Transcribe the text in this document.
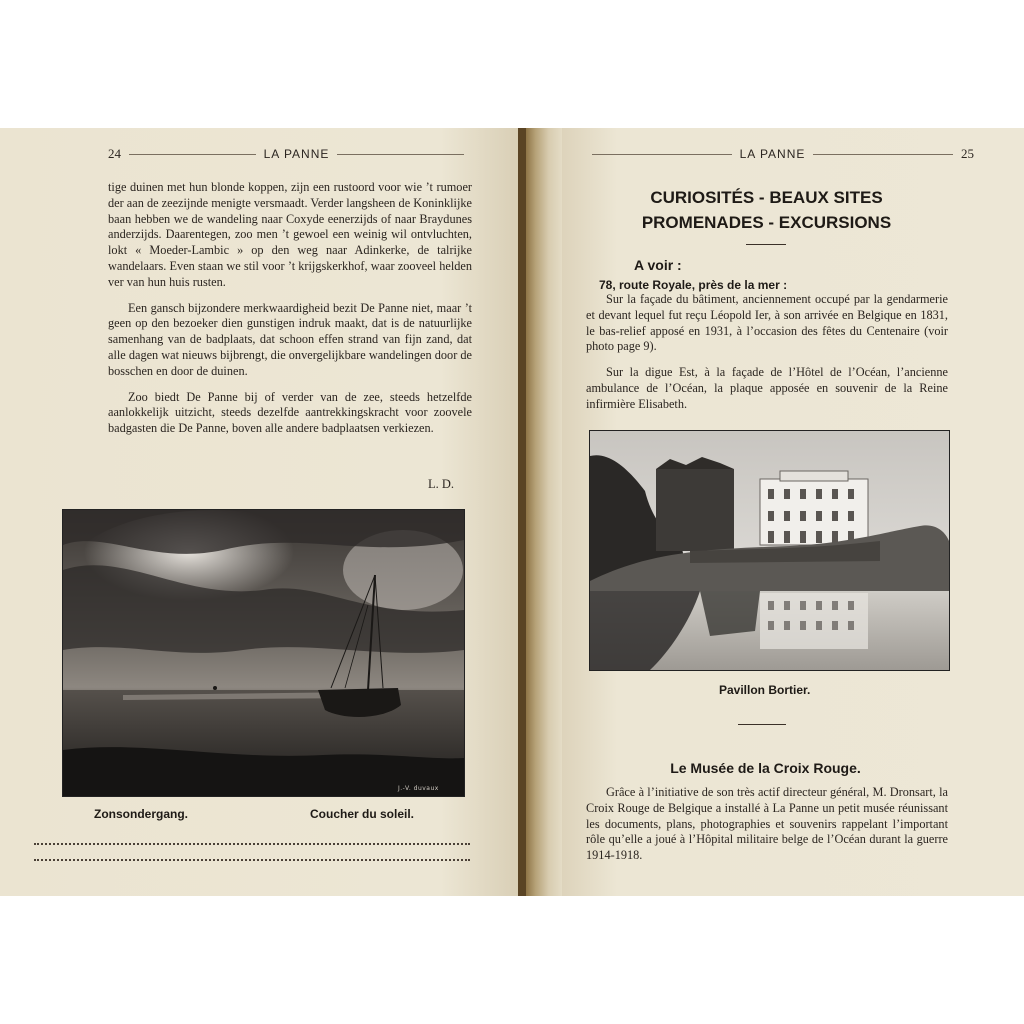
24	LA PANNE

tige duinen met hun blonde koppen, zijn een rustoord voor wie ’t rumoer der aan de zeezijnde menigte versmaadt. Verder langsheen de Koninklijke baan hebben we de wandeling naar Coxyde eenerzijds of naar Braydunes anderzijds. Daarentegen, zoo men ’t gewoel een weinig wil ontvluchten, lokt « Moeder-Lambic » op den weg naar Adinkerke, de talrijke wandelaars. Even staan we stil voor ’t krijgskerkhof, waar zooveel helden ver van hun huis rusten.

Een gansch bijzondere merkwaardigheid bezit De Panne niet, maar ’t geen op den bezoeker dien gunstigen indruk maakt, dat is de natuurlijke samenhang van de badplaats, dat schoon effen strand van fijn zand, dat alle dagen wat nieuws bijbrengt, die onvergelijkbare wandelingen door de bosschen en door de duinen.

Zoo biedt De Panne bij of verder van de zee, steeds hetzelfde aanlokkelijk uitzicht, steeds dezelfde aantrekkingskracht voor zoovele badgasten die De Panne, boven alle andere badplaatsen verkiezen.

L. D.
J.-V. duvaux
Zonsondergang.	Coucher du soleil.
LA PANNE	25
CURIOSITÉS - BEAUX SITES
PROMENADES - EXCURSIONS
A voir :
78, route Royale, près de la mer :

Sur la façade du bâtiment, anciennement occupé par la gendarmerie et devant lequel fut reçu Léopold Ier, à son arrivée en Belgique en 1831, le bas-relief apposé en 1931, à l’occasion des fêtes du Centenaire (voir photo page 9).

Sur la digue Est, à la façade de l’Hôtel de l’Océan, l’ancienne ambulance de l’Océan, la plaque apposée en souvenir de la Reine infirmière Elisabeth.

Pavillon Bortier.
Le Musée de la Croix Rouge.

Grâce à l’initiative de son très actif directeur général, M. Dronsart, la Croix Rouge de Belgique a installé à La Panne un petit musée réunissant les documents, plans, photographies et souvenirs rappelant l’important rôle qu’elle a joué à l’Hôpital militaire belge de l’Océan durant la guerre 1914-1918.
